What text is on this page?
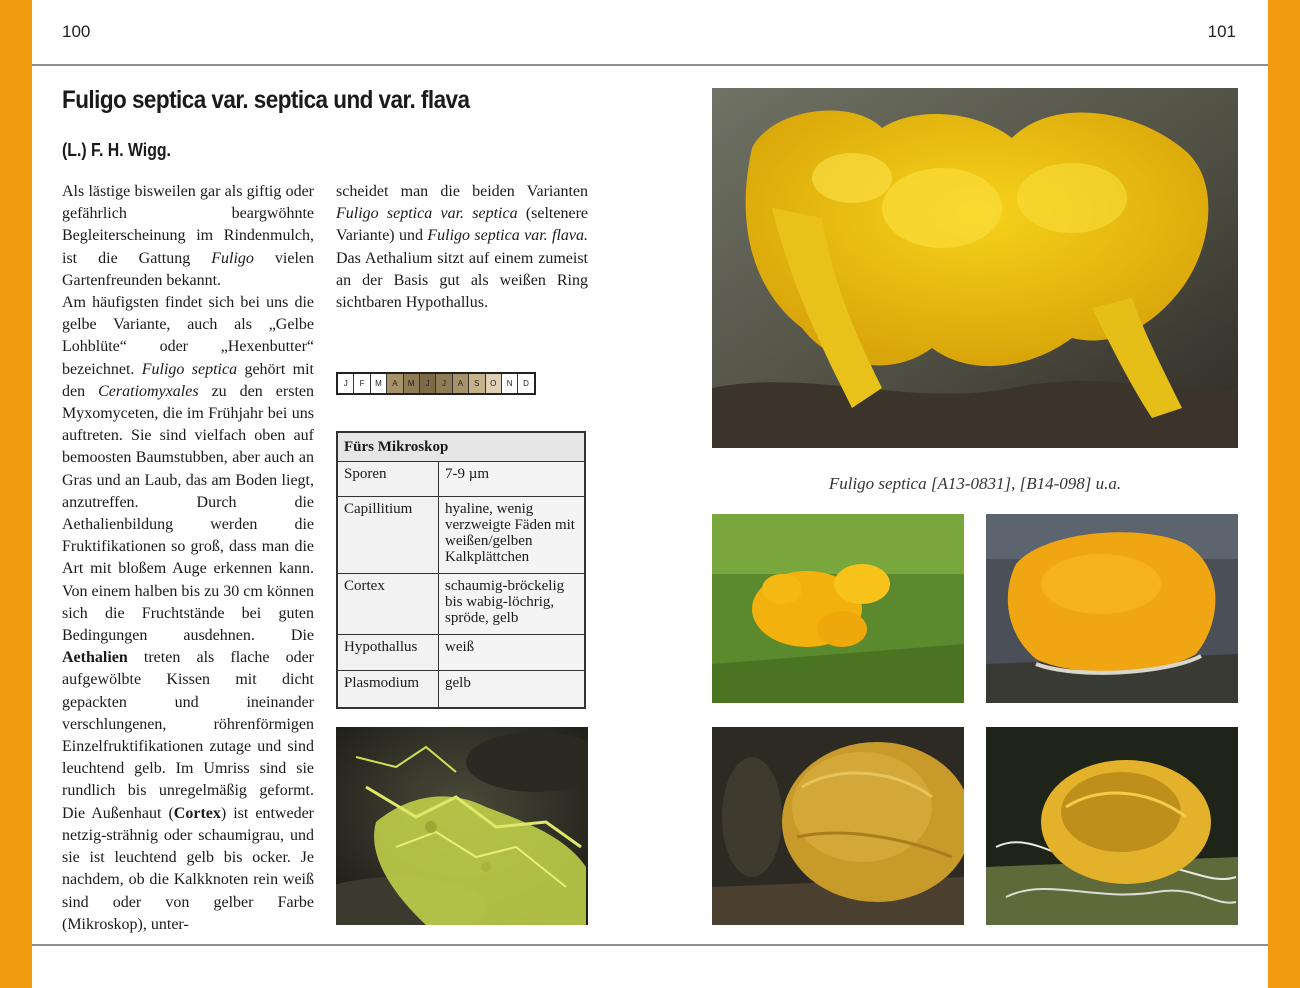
100	101
Fuligo septica var. septica und var. flava
(L.) F. H. Wigg.

Als lästige bisweilen gar als giftig oder gefährlich beargwöhnte Begleiterscheinung im Rindenmulch, ist die Gattung Fuligo vielen Gartenfreunden bekannt.
Am häufigsten findet sich bei uns die gelbe Variante, auch als „Gelbe Lohblüte“ oder „Hexenbutter“ bezeichnet. Fuligo septica gehört mit den Ceratiomyxales zu den ersten Myxomyceten, die im Frühjahr bei uns auftreten. Sie sind vielfach oben auf bemoosten Baumstubben, aber auch an Gras und an Laub, das am Boden liegt, anzutreffen. Durch die Aethalienbildung werden die Fruktifikationen so groß, dass man die Art mit bloßem Auge erkennen kann. Von einem halben bis zu 30 cm können sich die Fruchtstände bei guten Bedingungen ausdehnen. Die Aethalien treten als flache oder aufgewölbte Kissen mit dicht gepackten und ineinander verschlungenen, röhrenförmigen Einzelfruktifikationen zutage und sind leuchtend gelb. Im Umriss sind sie rundlich bis unregelmäßig geformt. Die Außenhaut (Cortex) ist entweder netzig-strähnig oder schaumigrau, und sie ist leuchtend gelb bis ocker. Je nachdem, ob die Kalkknoten rein weiß sind oder von gelber Farbe (Mikroskop), unter-

scheidet man die beiden Varianten Fuligo septica var. septica (seltenere Variante) und Fuligo septica var. flava. Das Aethalium sitzt auf einem zumeist an der Basis gut als weißen Ring sichtbaren Hypothallus.

J	F	M	A	M	J	J	A	S	O	N	D
Fürs Mikroskop	
Sporen	7-9 µm
Capillitium	hyaline, wenig verzweigte Fäden mit weißen/gelben Kalkplättchen
Cortex	schaumig-bröckelig bis wabig-löchrig, spröde, gelb
Hypothallus	weiß
Plasmodium	gelb
Fuligo septica [A13-0831], [B14-098] u.a.
